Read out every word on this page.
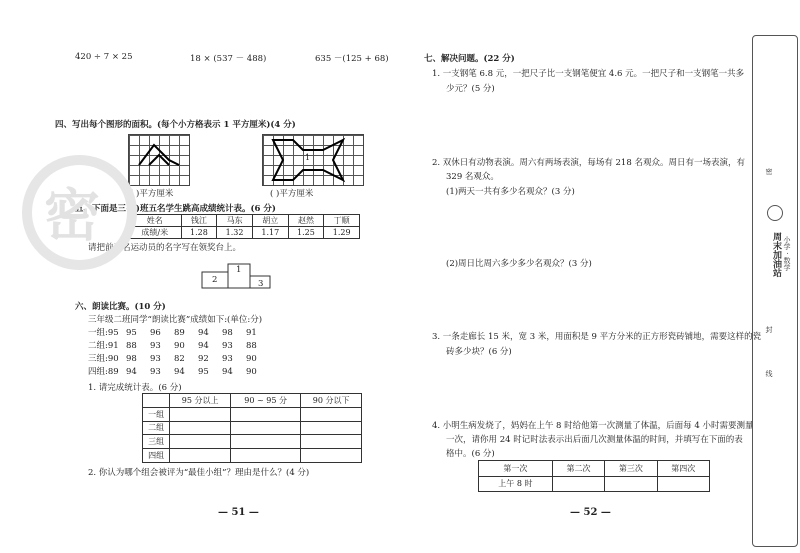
420 ÷ 7 × 25	18 × (537 － 488)	635 －(125 + 68)
四、写出每个图形的面积。(每个小方格表示 1 平方厘米)(4 分)
( )平方厘米
1
( )平方厘米
五、下面是三(3)班五名学生跳高成绩统计表。(6 分)
姓名	钱江	马东	胡立	赵然	丁顺
成绩/米	1.28	1.32	1.17	1.25	1.29
请把前三名运动员的名字写在领奖台上。
1
2	3
六、朗读比赛。(10 分)
三年级二班同学“朗读比赛”成绩如下:(单位:分)
一组:95 95 96 89 94 98 91
二组:91 88 93 90 94 93 88
三组:90 98 93 82 92 93 90
四组:89 94 93 94 95 94 90
1. 请完成统计表。(6 分)
	95 分以上	90 ~ 95 分	90 分以下
一组			
二组			
三组			
四组			
2. 你认为哪个组会被评为“最佳小组”？理由是什么？(4 分)
— 51 —
密
七、解决问题。(22 分)
1. 一支钢笔 6.8 元，一把尺子比一支钢笔便宜 4.6 元。一把尺子和一支钢笔一共多
少元？(5 分)
2. 双休日有动物表演。周六有两场表演，每场有 218 名观众。周日有一场表演，有
329 名观众。
(1)两天一共有多少名观众？(3 分)
(2)周日比周六多少多少名观众？(3 分)
3. 一条走廊长 15 米，宽 3 米，用面积是 9 平方分米的正方形瓷砖铺地，需要这样的瓷
砖多少块？(6 分)
4. 小明生病发烧了，妈妈在上午 8 时给他第一次测量了体温，后面每 4 小时需要测量
一次，请你用 24 时记时法表示出后面几次测量体温的时间，并填写在下面的表
格中。(6 分)
第一次	第二次	第三次	第四次
上午 8 时			
— 52 —
周末加油站 小学 · 数学
密
封
线
